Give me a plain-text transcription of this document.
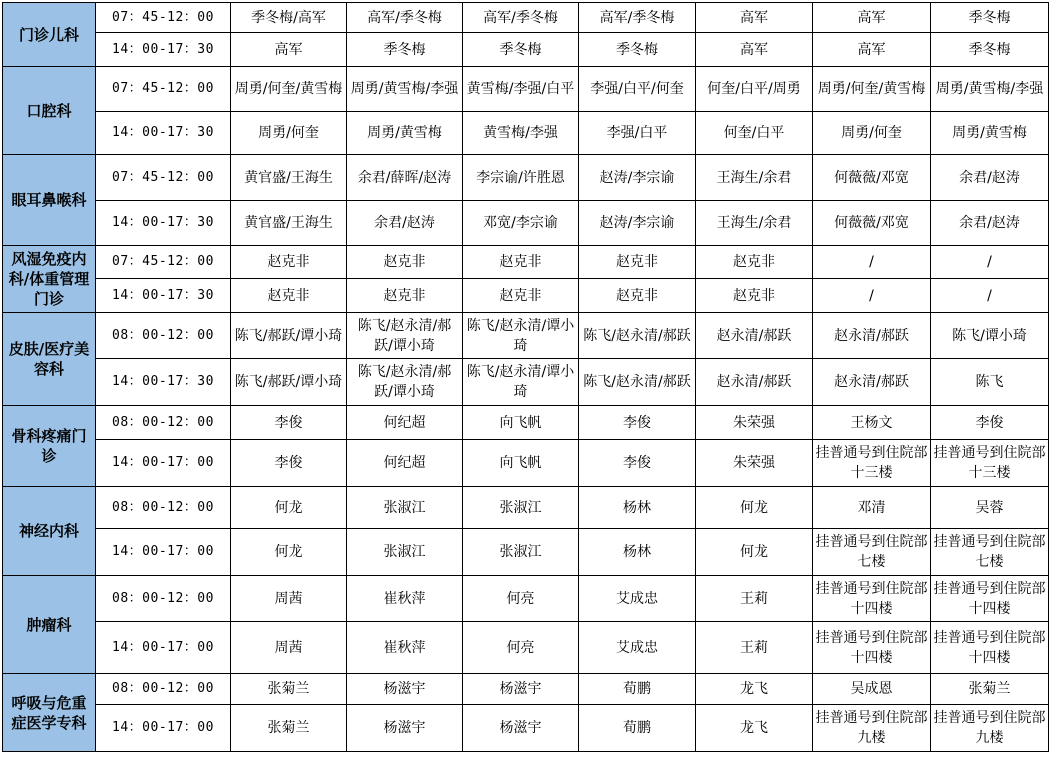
门诊儿科	07：45-12：00	季冬梅/高军	高军/季冬梅	高军/季冬梅	高军/季冬梅	高军	高军	季冬梅
	14：00-17：30	高军	季冬梅	季冬梅	季冬梅	高军	高军	季冬梅
口腔科	07：45-12：00	周勇/何奎/黄雪梅	周勇/黄雪梅/李强	黄雪梅/李强/白平	李强/白平/何奎	何奎/白平/周勇	周勇/何奎/黄雪梅	周勇/黄雪梅/李强
	14：00-17：30	周勇/何奎	周勇/黄雪梅	黄雪梅/李强	李强/白平	何奎/白平	周勇/何奎	周勇/黄雪梅
眼耳鼻喉科	07：45-12：00	黄官盛/王海生	余君/薛晖/赵涛	李宗谕/许胜恩	赵涛/李宗谕	王海生/余君	何薇薇/邓宽	余君/赵涛
	14：00-17：30	黄官盛/王海生	余君/赵涛	邓宽/李宗谕	赵涛/李宗谕	王海生/余君	何薇薇/邓宽	余君/赵涛
风湿免疫内科/体重管理门诊	07：45-12：00	赵克非	赵克非	赵克非	赵克非	赵克非	/	/
	14：00-17：30	赵克非	赵克非	赵克非	赵克非	赵克非	/	/
皮肤/医疗美容科	08：00-12：00	陈飞/郝跃/谭小琦	陈飞/赵永清/郝跃/谭小琦	陈飞/赵永清/谭小琦	陈飞/赵永清/郝跃	赵永清/郝跃	赵永清/郝跃	陈飞/谭小琦
	14：00-17：30	陈飞/郝跃/谭小琦	陈飞/赵永清/郝跃/谭小琦	陈飞/赵永清/谭小琦	陈飞/赵永清/郝跃	赵永清/郝跃	赵永清/郝跃	陈飞
骨科疼痛门诊	08：00-12：00	李俊	何纪超	向飞帆	李俊	朱荣强	王杨文	李俊
	14：00-17：00	李俊	何纪超	向飞帆	李俊	朱荣强	挂普通号到住院部十三楼	挂普通号到住院部十三楼
神经内科	08：00-12：00	何龙	张淑江	张淑江	杨林	何龙	邓清	吴蓉
	14：00-17：00	何龙	张淑江	张淑江	杨林	何龙	挂普通号到住院部七楼	挂普通号到住院部七楼
肿瘤科	08：00-12：00	周茜	崔秋萍	何亮	艾成忠	王莉	挂普通号到住院部十四楼	挂普通号到住院部十四楼
	14：00-17：00	周茜	崔秋萍	何亮	艾成忠	王莉	挂普通号到住院部十四楼	挂普通号到住院部十四楼
呼吸与危重症医学专科	08：00-12：00	张菊兰	杨滋宇	杨滋宇	荀鹏	龙飞	吴成恩	张菊兰
	14：00-17：00	张菊兰	杨滋宇	杨滋宇	荀鹏	龙飞	挂普通号到住院部九楼	挂普通号到住院部九楼
